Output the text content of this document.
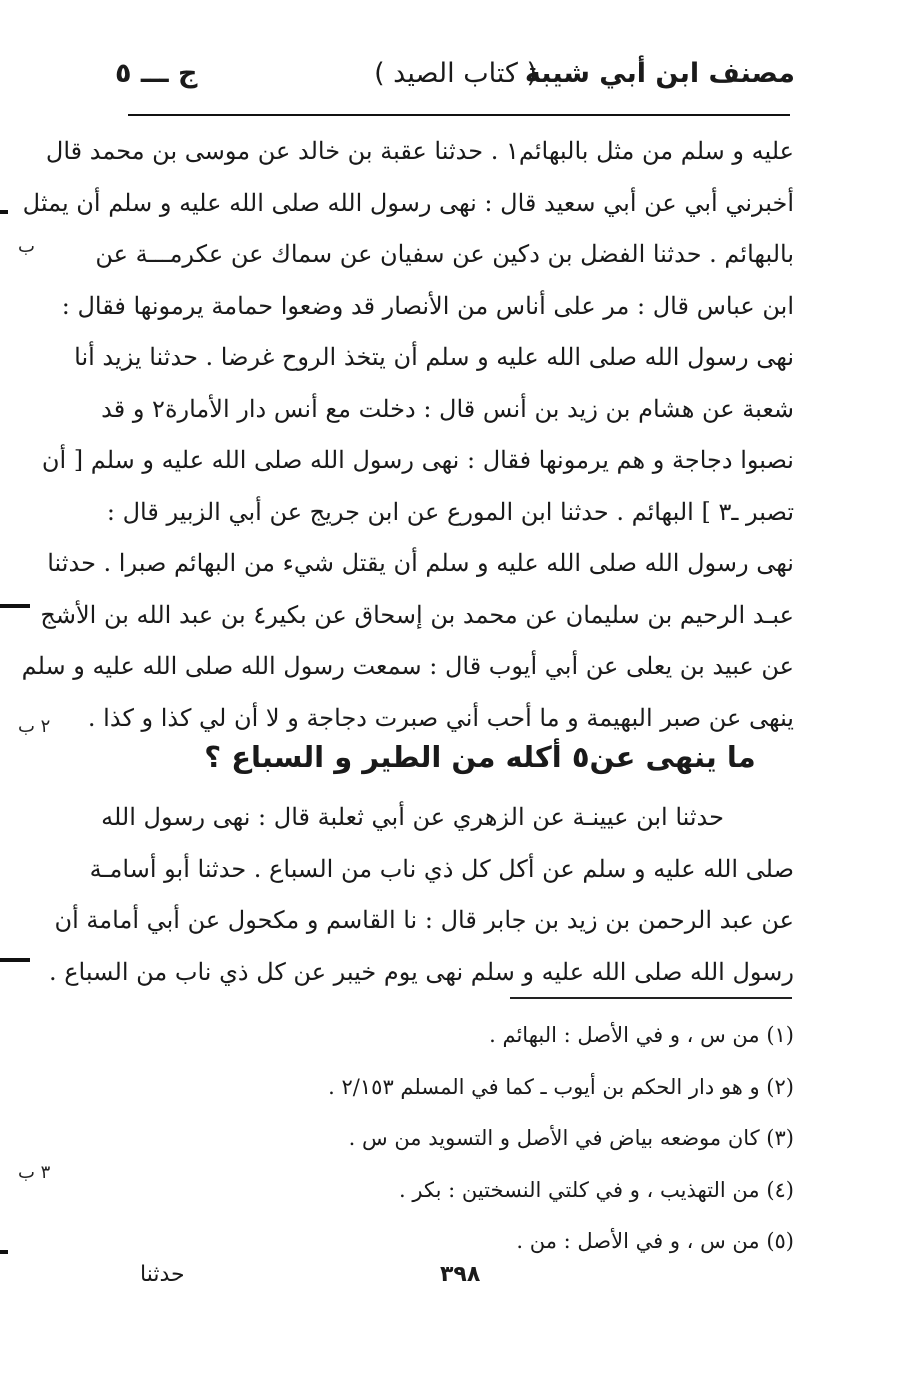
مصنف ابن أبي شيبة
( كتاب الصيد )
ج ـــ ٥
عليه و سلم من مثل بالبهائم١ . حدثنا عقبة بن خالد عن موسى بن محمد قال
أخبرني أبي عن أبي سعيد قال : نهى رسول الله صلى الله عليه و سلم أن يمثل
بالبهائم . حدثنا الفضل بن دكين عن سفيان عن سماك عن عكرمـــة عن
ابن عباس قال : مر على أناس من الأنصار قد وضعوا حمامة يرمونها فقال :
نهى رسول الله صلى الله عليه و سلم أن يتخذ الروح غرضا . حدثنا يزيد أنا
شعبة عن هشام بن زيد بن أنس قال : دخلت مع أنس دار الأمارة٢ و قد
نصبوا دجاجة و هم يرمونها فقال : نهى رسول الله صلى الله عليه و سلم [ أن
تصبر ـ٣ ] البهائم . حدثنا ابن المورع عن ابن جريج عن أبي الزبير قال :
نهى رسول الله صلى الله عليه و سلم أن يقتل شيء من البهائم صبرا . حدثنا
عبـد الرحيم بن سليمان عن محمد بن إسحاق عن بكير٤ بن عبد الله بن الأشج
عن عبيد بن يعلى عن أبي أيوب قال : سمعت رسول الله صلى الله عليه و سلم
ينهى عن صبر البهيمة و ما أحب أني صبرت دجاجة و لا أن لي كذا و كذا .
ما ينهى عن٥ أكله من الطير و السباع ؟
حدثنا ابن عيينـة عن الزهري عن أبي ثعلبة قال : نهى رسول الله
صلى الله عليه و سلم عن أكل كل ذي ناب من السباع . حدثنا أبو أسامـة
عن عبد الرحمن بن زيد بن جابر قال : نا القاسم و مكحول عن أبي أمامة أن
رسول الله صلى الله عليه و سلم نهى يوم خيبر عن كل ذي ناب من السباع .
(١) من س ، و في الأصل : البهائم .
(٢) و هو دار الحكم بن أيوب ـ كما في المسلم ٢/١٥٣ .
(٣) كان موضعه بياض في الأصل و التسويد من س .
(٤) من التهذيب ، و في كلتي النسختين : بكر .
(٥) من س ، و في الأصل : من .
٣٩٨
حدثنا
ب
٢ ب
٣ ب
